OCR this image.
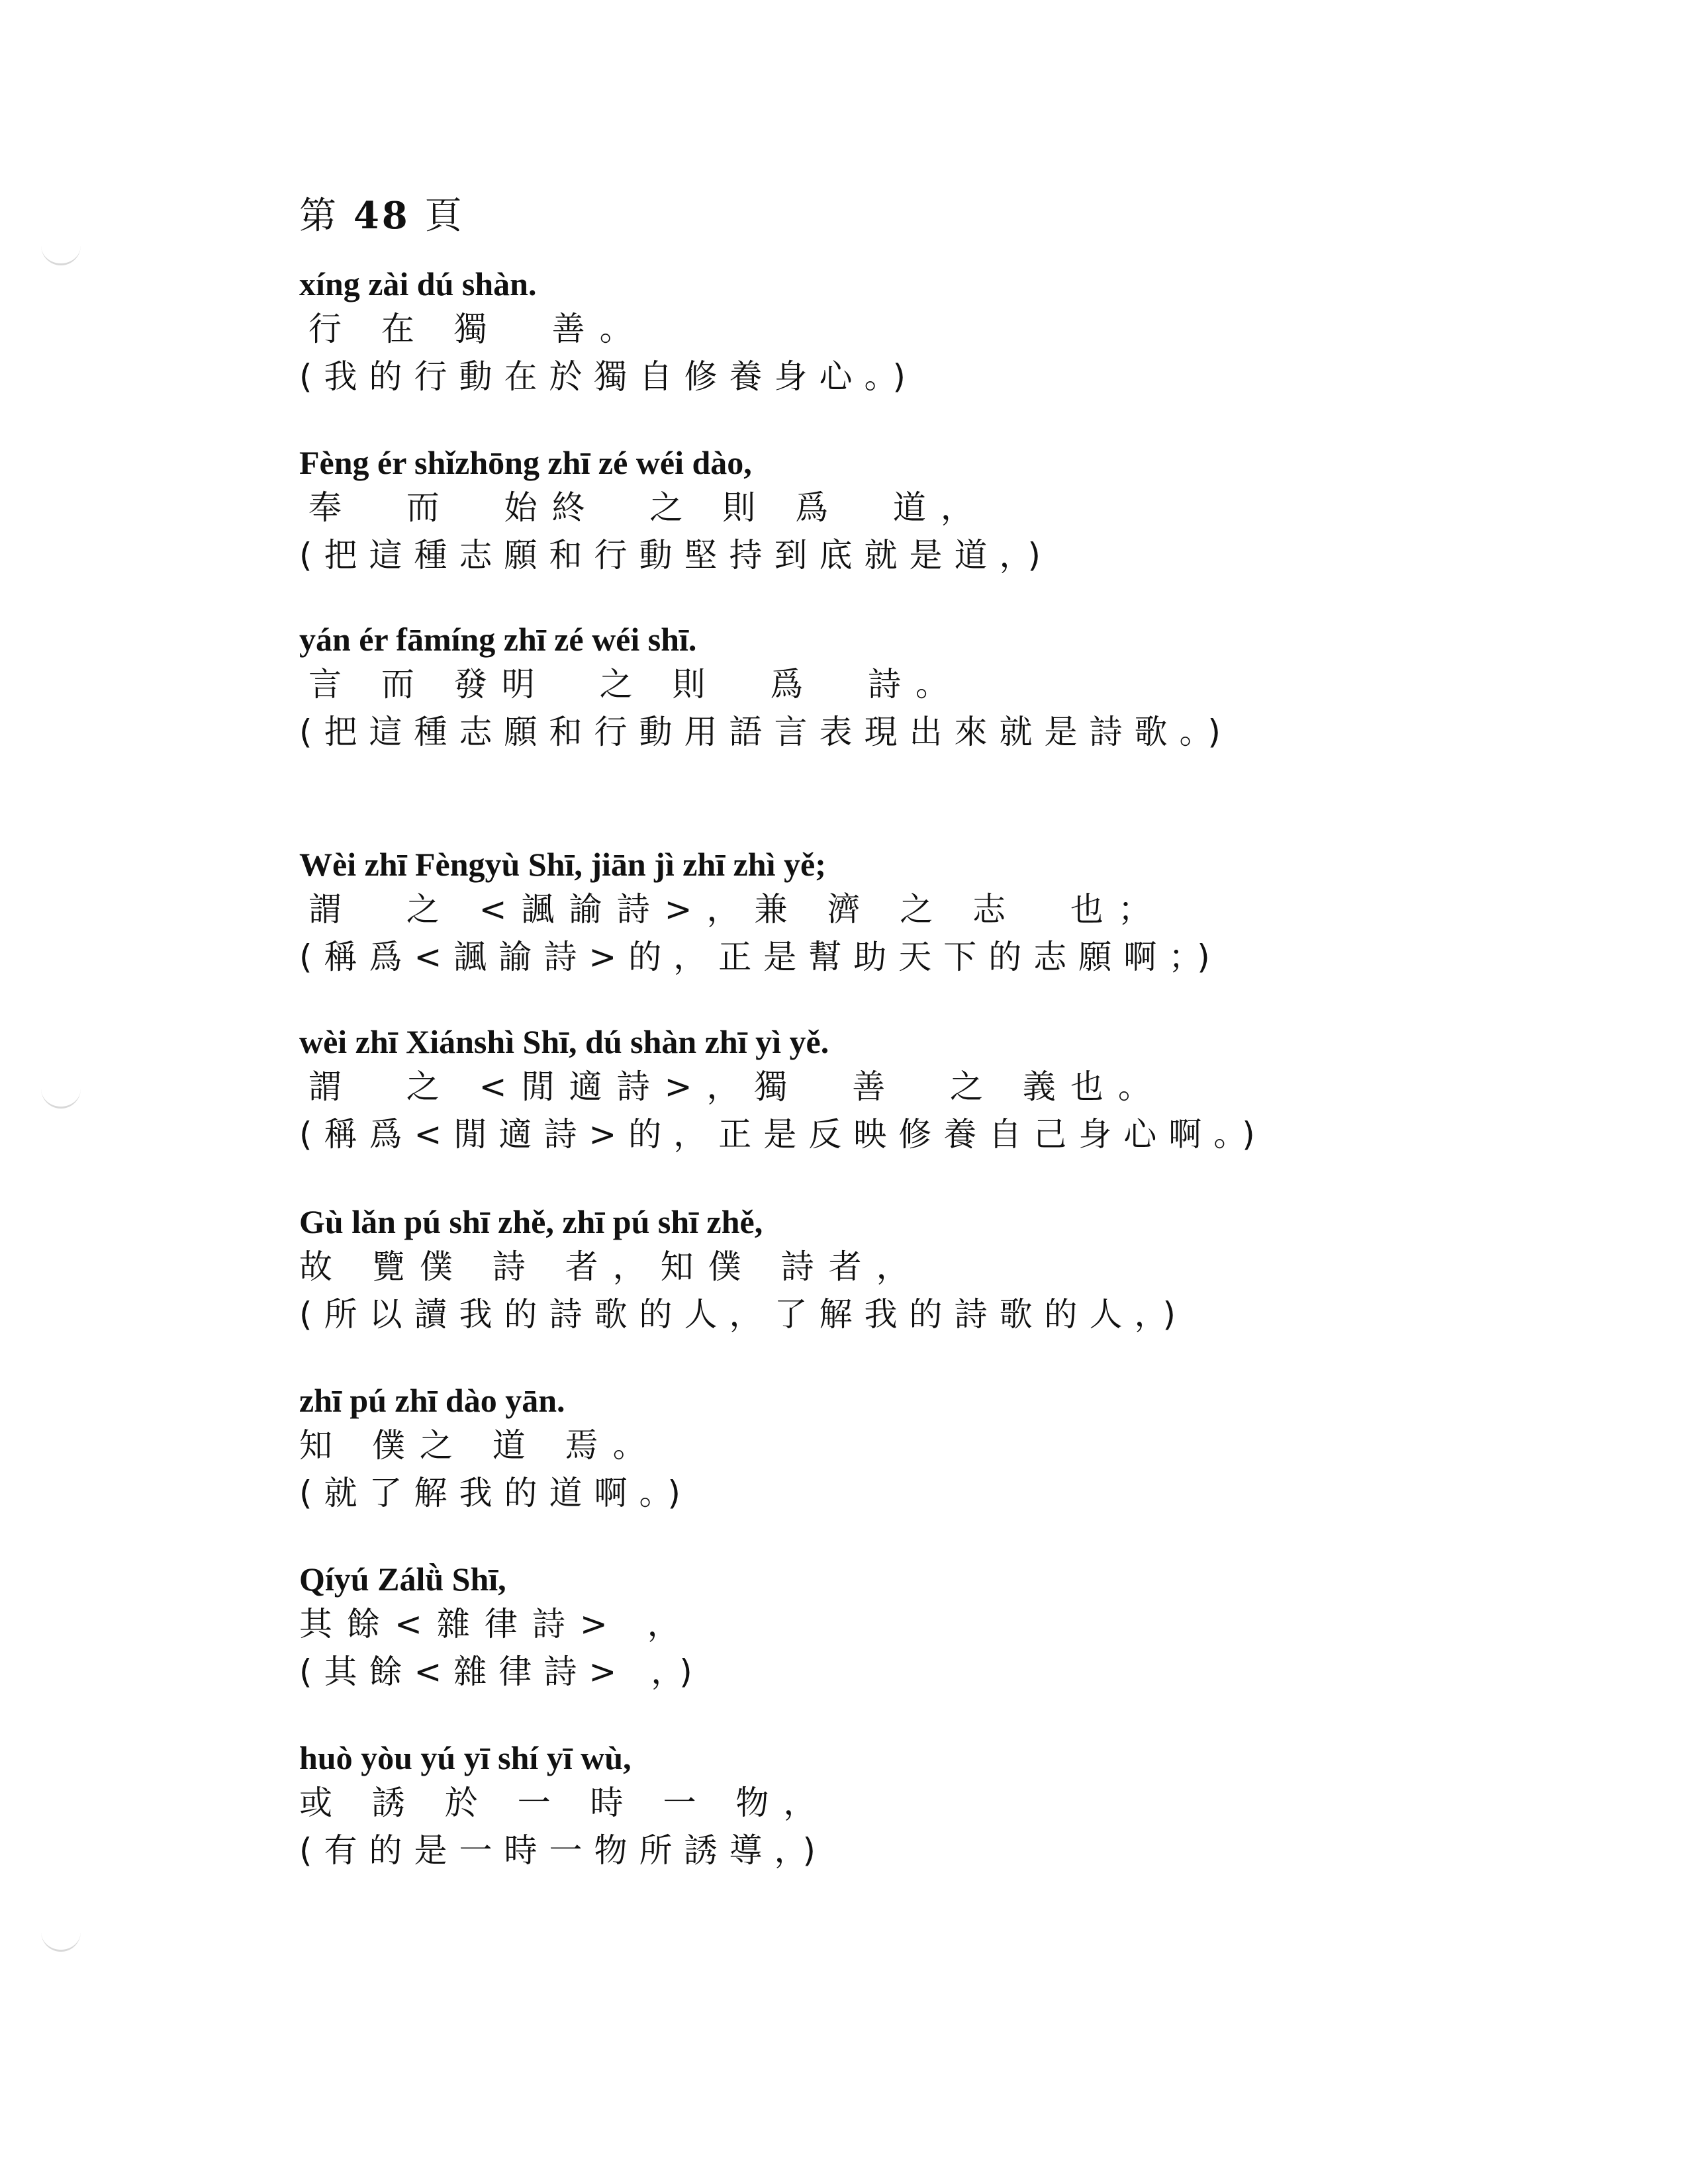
第 48 頁
xíng zài dú shàn.
行 在 獨  善。
(我的行動在於獨自修養身心。)
Fèng ér shǐzhōng zhī zé wéi dào,
奉  而  始終  之 則 爲  道，
(把這種志願和行動堅持到底就是道，)
yán ér fāmíng zhī zé wéi shī.
言 而 發明  之 則  爲  詩。
(把這種志願和行動用語言表現出來就是詩歌。)
Wèi zhī Fèngyù Shī, jiān jì zhī zhì yě;
謂  之 <諷諭詩>，兼 濟 之 志  也；
(稱爲<諷諭詩>的，正是幫助天下的志願啊；)
wèi zhī Xiánshì Shī, dú shàn zhī yì yě.
謂  之 <閒適詩>，獨  善  之 義也。
(稱爲<閒適詩>的，正是反映修養自己身心啊。)
Gù lǎn pú shī zhě, zhī pú shī zhě,
故 覽僕 詩 者，知僕 詩者，
(所以讀我的詩歌的人，了解我的詩歌的人，)
zhī pú zhī dào yān.
知 僕之 道 焉。
(就了解我的道啊。)
Qíyú Zálǜ Shī,
其餘<雜律詩> ，
(其餘<雜律詩> ，)
huò yòu yú yī shí yī wù,
或 誘 於 一 時 一 物，
(有的是一時一物所誘導，)
